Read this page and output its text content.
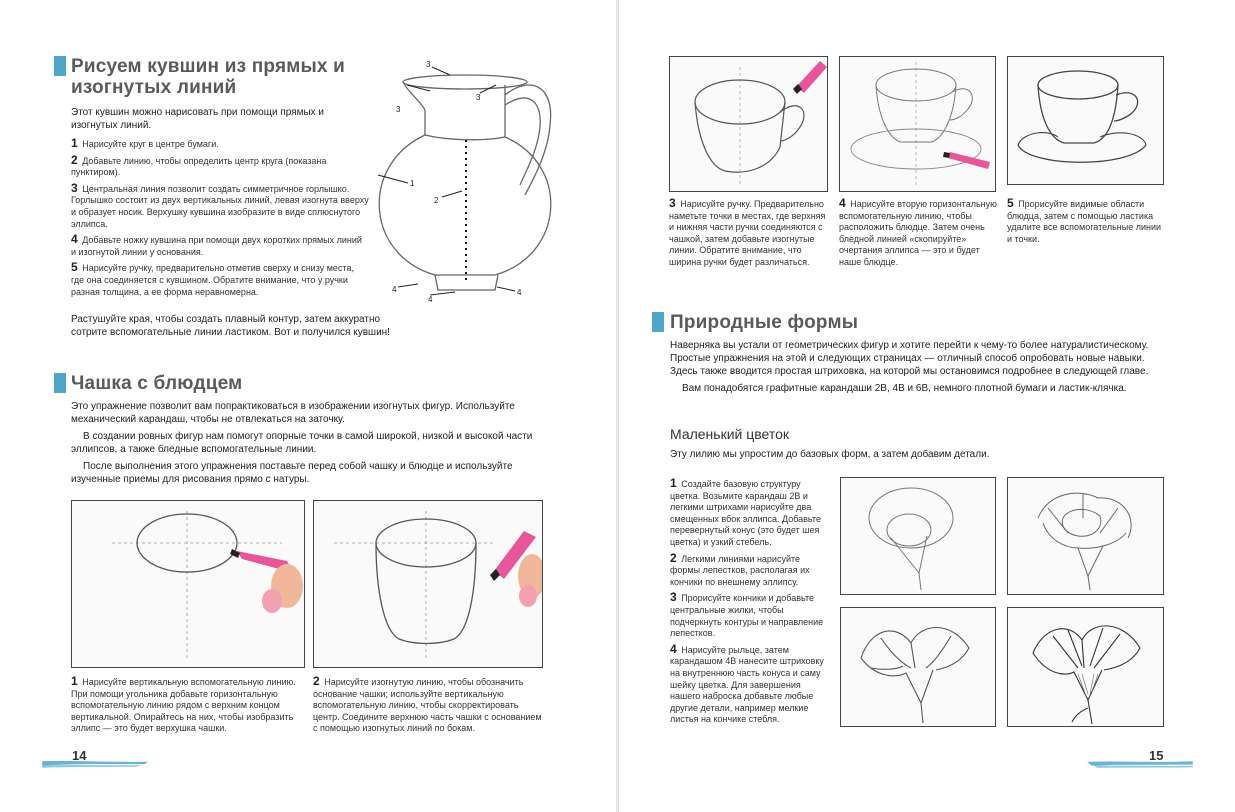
Рисуем кувшин из прямых и изогнутых линий
Этот кувшин можно нарисовать при помощи прямых и изогнутых линий.
1 Нарисуйте круг в центре бумаги.
2 Добавьте линию, чтобы определить центр круга (показана пунктиром).
3 Центральная линия позволит создать симметричное горлышко. Горлышко состоит из двух вертикальных линий, левая изогнута вверху и образует носик. Верхушку кувшина изобразите в виде сплюснутого эллипса.
4 Добавьте ножку кувшина при помощи двух коротких прямых линий и изогнутой линии у основания.
5 Нарисуйте ручку, предварительно отметив сверху и снизу места, где она соединяется с кувшином. Обратите внимание, что у ручки разная толщина, а ее форма неравномерна.
Растушуйте края, чтобы создать плавный контур, затем аккуратно сотрите вспомогательные линии ластиком. Вот и получился кувшин!
3
3
3
1
2
4
4
4
Чашка с блюдцем
Это упражнение позволит вам попрактиковаться в изображении изогнутых фигур. Используйте механический карандаш, чтобы не отвлекаться на заточку.
В создании ровных фигур нам помогут опорные точки в самой широкой, низкой и высокой части эллипсов, а также бледные вспомогательные линии.
После выполнения этого упражнения поставьте перед собой чашку и блюдце и используйте изученные приемы для рисования прямо с натуры.
1 Нарисуйте вертикальную вспомогательную линию. При помощи угольника добавьте горизонтальную вспомогательную линию рядом с верхним концом вертикальной. Опирайтесь на них, чтобы изобразить эллипс — это будет верхушка чашки.
2 Нарисуйте изогнутую линию, чтобы обозначить основание чашки; используйте вертикальную вспомогательную линию, чтобы скорректировать центр. Соедините верхнюю часть чашки с основанием с помощью изогнутых линий по бокам.
14
3 Нарисуйте ручку. Предварительно наметьте точки в местах, где верхняя и нижняя части ручки соединяются с чашкой, затем добавьте изогнутые линии. Обратите внимание, что ширина ручки будет различаться.
4 Нарисуйте вторую горизонтальную вспомогательную линию, чтобы расположить блюдце. Затем очень бледной линией «скопируйте» очертания эллипса — это и будет наше блюдце.
5 Прорисуйте видимые области блюдца, затем с помощью ластика удалите все вспомогательные линии и точки.
Природные формы
Наверняка вы устали от геометрических фигур и хотите перейти к чему-то более натуралистическому. Простые упражнения на этой и следующих страницах — отличный способ опробовать новые навыки. Здесь также вводится простая штриховка, на которой мы остановимся подробнее в следующей главе.
Вам понадобятся графитные карандаши 2B, 4B и 6B, немного плотной бумаги и ластик-клячка.
Маленький цветок
Эту лилию мы упростим до базовых форм, а затем добавим детали.
1 Создайте базовую структуру цветка. Возьмите карандаш 2B и легкими штрихами нарисуйте два смещенных вбок эллипса. Добавьте перевернутый конус (это будет шея цветка) и узкий стебель.
2 Легкими линиями нарисуйте формы лепестков, располагая их кончики по внешнему эллипсу.
3 Прорисуйте кончики и добавьте центральные жилки, чтобы подчеркнуть контуры и направление лепестков.
4 Нарисуйте рыльце, затем карандашом 4B нанесите штриховку на внутреннюю часть конуса и саму шейку цветка. Для завершения нашего наброска добавьте любые другие детали, например мелкие листья на кончике стебля.
15
